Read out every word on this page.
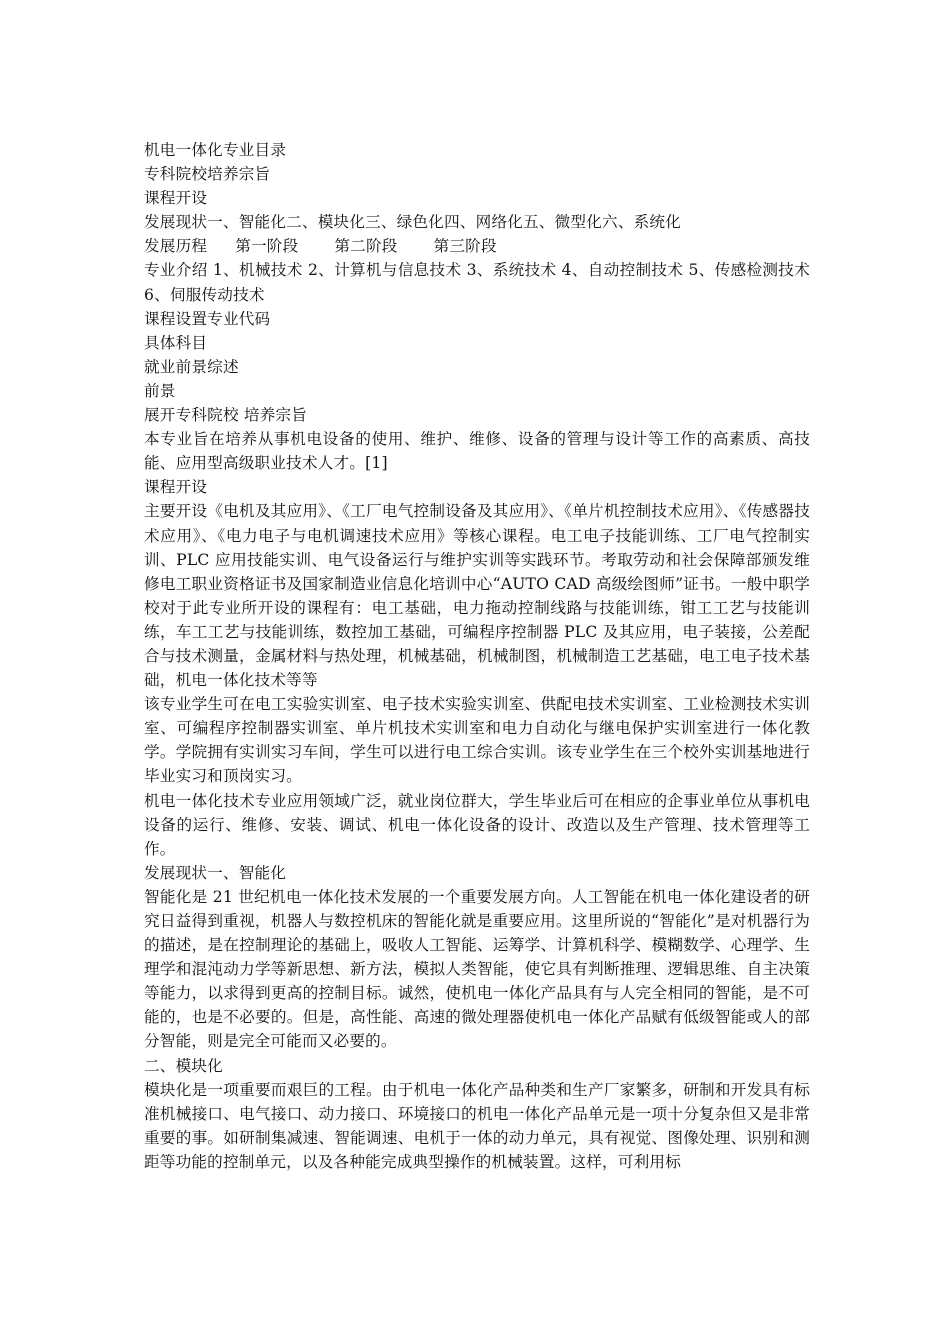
机电一体化专业目录
专科院校培养宗旨
课程开设
发展现状一、智能化二、模块化三、绿色化四、网络化五、微型化六、系统化
发展历程 第一阶段 第二阶段 第三阶段
专业介绍 1、机械技术 2、计算机与信息技术 3、系统技术 4、自动控制技术 5、传感检测技术 6、伺服传动技术
课程设置专业代码
具体科目
就业前景综述
前景
展开专科院校 培养宗旨
本专业旨在培养从事机电设备的使用、维护、维修、设备的管理与设计等工作的高素质、高技能、应用型高级职业技术人才。[1]
课程开设
主要开设《电机及其应用》、《工厂电气控制设备及其应用》、《单片机控制技术应用》、《传感器技术应用》、《电力电子与电机调速技术应用》等核心课程。电工电子技能训练、工厂电气控制实训、PLC 应用技能实训、电气设备运行与维护实训等实践环节。考取劳动和社会保障部颁发维修电工职业资格证书及国家制造业信息化培训中心“AUTO CAD 高级绘图师”证书。一般中职学校对于此专业所开设的课程有：电工基础，电力拖动控制线路与技能训练，钳工工艺与技能训练，车工工艺与技能训练，数控加工基础，可编程序控制器 PLC 及其应用，电子装接，公差配合与技术测量，金属材料与热处理，机械基础，机械制图，机械制造工艺基础，电工电子技术基础，机电一体化技术等等
该专业学生可在电工实验实训室、电子技术实验实训室、供配电技术实训室、工业检测技术实训室、可编程序控制器实训室、单片机技术实训室和电力自动化与继电保护实训室进行一体化教学。学院拥有实训实习车间，学生可以进行电工综合实训。该专业学生在三个校外实训基地进行毕业实习和顶岗实习。
机电一体化技术专业应用领域广泛，就业岗位群大，学生毕业后可在相应的企事业单位从事机电设备的运行、维修、安装、调试、机电一体化设备的设计、改造以及生产管理、技术管理等工作。
发展现状一、智能化
智能化是 21 世纪机电一体化技术发展的一个重要发展方向。人工智能在机电一体化建设者的研究日益得到重视，机器人与数控机床的智能化就是重要应用。这里所说的“智能化”是对机器行为的描述，是在控制理论的基础上，吸收人工智能、运筹学、计算机科学、模糊数学、心理学、生理学和混沌动力学等新思想、新方法，模拟人类智能，使它具有判断推理、逻辑思维、自主决策等能力，以求得到更高的控制目标。诚然，使机电一体化产品具有与人完全相同的智能，是不可能的，也是不必要的。但是，高性能、高速的微处理器使机电一体化产品赋有低级智能或人的部分智能，则是完全可能而又必要的。
二、模块化
模块化是一项重要而艰巨的工程。由于机电一体化产品种类和生产厂家繁多，研制和开发具有标准机械接口、电气接口、动力接口、环境接口的机电一体化产品单元是一项十分复杂但又是非常重要的事。如研制集减速、智能调速、电机于一体的动力单元，具有视觉、图像处理、识别和测距等功能的控制单元，以及各种能完成典型操作的机械装置。这样，可利用标
